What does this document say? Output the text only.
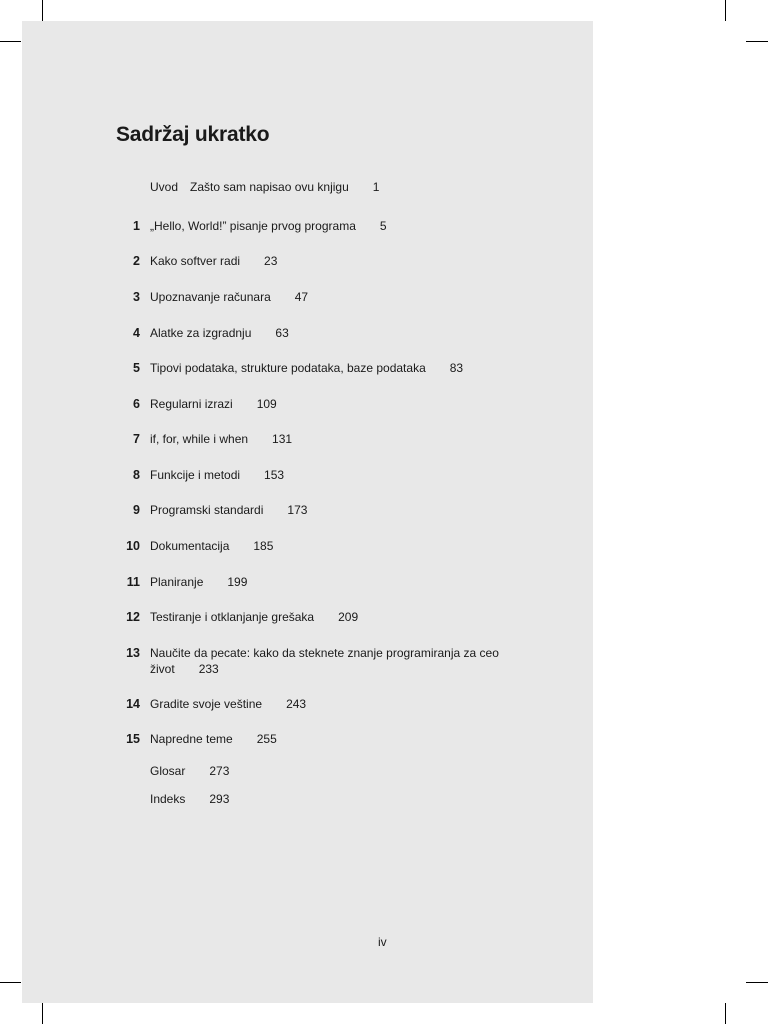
Sadržaj ukratko
Uvod Zašto sam napisao ovu knjigu 1
1 „Hello, World!” pisanje prvog programa 5
2 Kako softver radi 23
3 Upoznavanje računara 47
4 Alatke za izgradnju 63
5 Tipovi podataka, strukture podataka, baze podataka 83
6 Regularni izrazi 109
7 if, for, while i when 131
8 Funkcije i metodi 153
9 Programski standardi 173
10 Dokumentacija 185
11 Planiranje 199
12 Testiranje i otklanjanje grešaka 209
13 Naučite da pecate: kako da steknete znanje programiranja za ceo
život 233
14 Gradite svoje veštine 243
15 Napredne teme 255
Glosar 273
Indeks 293
iv
